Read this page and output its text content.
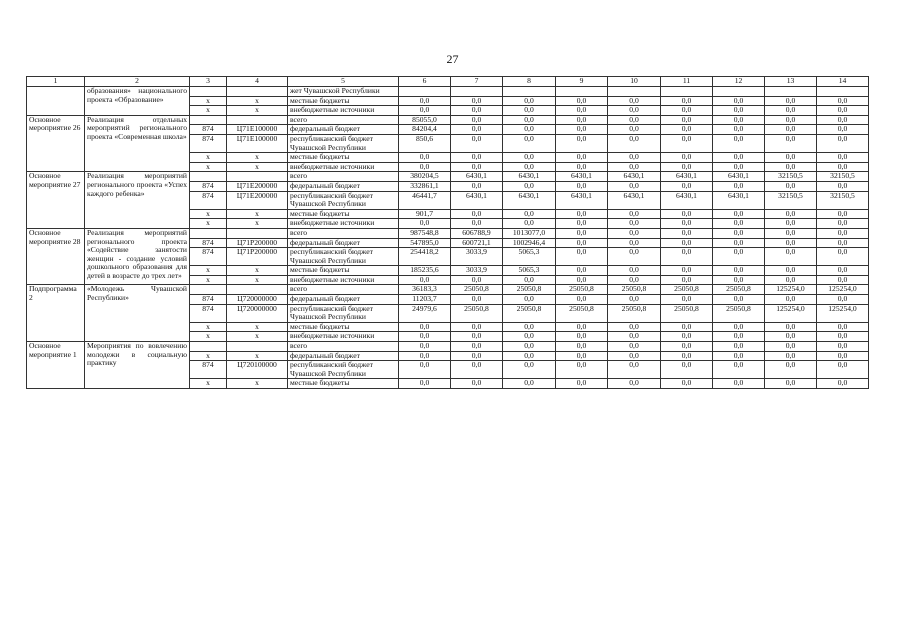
27
1	2	3	4	5	6	7	8	9	10	11	12	13	14
	образования» национального проекта «Образование»			жет Чувашской Республики									
		x	x	местные бюджеты	0,0	0,0	0,0	0,0	0,0	0,0	0,0	0,0	0,0
		x	x	внебюджетные источники	0,0	0,0	0,0	0,0	0,0	0,0	0,0	0,0	0,0
Основное мероприятие 26	Реализация отдельных мероприятий регионального проекта «Современная школа»			всего	85055,0	0,0	0,0	0,0	0,0	0,0	0,0	0,0	0,0
		874	Ц71Е100000	федеральный бюджет	84204,4	0,0	0,0	0,0	0,0	0,0	0,0	0,0	0,0
		874	Ц71Е100000	республиканский бюджет Чувашской Республики	850,6	0,0	0,0	0,0	0,0	0,0	0,0	0,0	0,0
		x	x	местные бюджеты	0,0	0,0	0,0	0,0	0,0	0,0	0,0	0,0	0,0
		x	x	внебюджетные источники	0,0	0,0	0,0	0,0	0,0	0,0	0,0	0,0	0,0
Основное мероприятие 27	Реализация мероприятий регионального проекта «Успех каждого ребенка»			всего	380204,5	6430,1	6430,1	6430,1	6430,1	6430,1	6430,1	32150,5	32150,5
		874	Ц71Е200000	федеральный бюджет	332861,1	0,0	0,0	0,0	0,0	0,0	0,0	0,0	0,0
		874	Ц71Е200000	республиканский бюджет Чувашской Республики	46441,7	6430,1	6430,1	6430,1	6430,1	6430,1	6430,1	32150,5	32150,5
		x	x	местные бюджеты	901,7	0,0	0,0	0,0	0,0	0,0	0,0	0,0	0,0
		x	x	внебюджетные источники	0,0	0,0	0,0	0,0	0,0	0,0	0,0	0,0	0,0
Основное мероприятие 28	Реализация мероприятий регионального проекта «Содействие занятости женщин - создание условий дошкольного образования для детей в возрасте до трех лет»			всего	987548,8	606788,9	1013077,0	0,0	0,0	0,0	0,0	0,0	0,0
		874	Ц71Р200000	федеральный бюджет	547895,0	600721,1	1002946,4	0,0	0,0	0,0	0,0	0,0	0,0
		874	Ц71Р200000	республиканский бюджет Чувашской Республики	254418,2	3033,9	5065,3	0,0	0,0	0,0	0,0	0,0	0,0
		x	x	местные бюджеты	185235,6	3033,9	5065,3	0,0	0,0	0,0	0,0	0,0	0,0
		x	x	внебюджетные источники	0,0	0,0	0,0	0,0	0,0	0,0	0,0	0,0	0,0
Подпрограмма 2	«Молодежь Чувашской Республики»			всего	36183,3	25050,8	25050,8	25050,8	25050,8	25050,8	25050,8	125254,0	125254,0
		874	Ц720000000	федеральный бюджет	11203,7	0,0	0,0	0,0	0,0	0,0	0,0	0,0	0,0
		874	Ц720000000	республиканский бюджет Чувашской Республики	24979,6	25050,8	25050,8	25050,8	25050,8	25050,8	25050,8	125254,0	125254,0
		x	x	местные бюджеты	0,0	0,0	0,0	0,0	0,0	0,0	0,0	0,0	0,0
		x	x	внебюджетные источники	0,0	0,0	0,0	0,0	0,0	0,0	0,0	0,0	0,0
Основное мероприятие 1	Мероприятия по вовлечению молодежи в социальную практику			всего	0,0	0,0	0,0	0,0	0,0	0,0	0,0	0,0	0,0
		x	x	федеральный бюджет	0,0	0,0	0,0	0,0	0,0	0,0	0,0	0,0	0,0
		874	Ц720100000	республиканский бюджет Чувашской Республики	0,0	0,0	0,0	0,0	0,0	0,0	0,0	0,0	0,0
		x	x	местные бюджеты	0,0	0,0	0,0	0,0	0,0	0,0	0,0	0,0	0,0
